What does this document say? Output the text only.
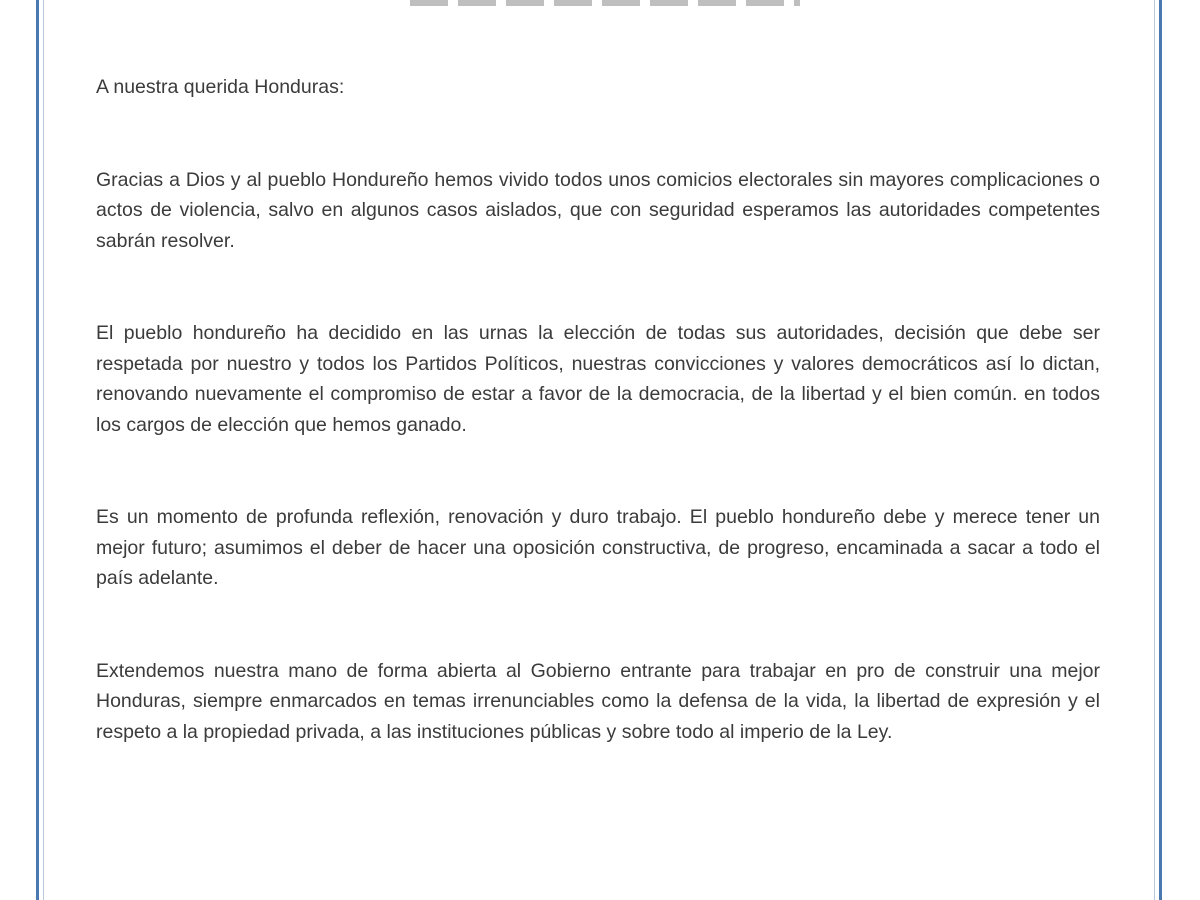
A nuestra querida Honduras:

Gracias a Dios y al pueblo Hondureño hemos vivido todos unos comicios electorales sin mayores complicaciones o actos de violencia, salvo en algunos casos aislados, que con seguridad esperamos las autoridades competentes sabrán resolver.

El pueblo hondureño ha decidido en las urnas la elección de todas sus autoridades, decisión que debe ser respetada por nuestro y todos los Partidos Políticos, nuestras convicciones y valores democráticos así lo dictan, renovando nuevamente el compromiso de estar a favor de la democracia, de la libertad y el bien común. en todos los cargos de elección que hemos ganado.

Es un momento de profunda reflexión, renovación y duro trabajo. El pueblo hondureño debe y merece tener un mejor futuro; asumimos el deber de hacer una oposición constructiva, de progreso, encaminada a sacar a todo el país adelante.

Extendemos nuestra mano de forma abierta al Gobierno entrante para trabajar en pro de construir una mejor Honduras, siempre enmarcados en temas irrenunciables como la defensa de la vida, la libertad de expresión y el respeto a la propiedad privada, a las instituciones públicas y sobre todo al imperio de la Ley.
